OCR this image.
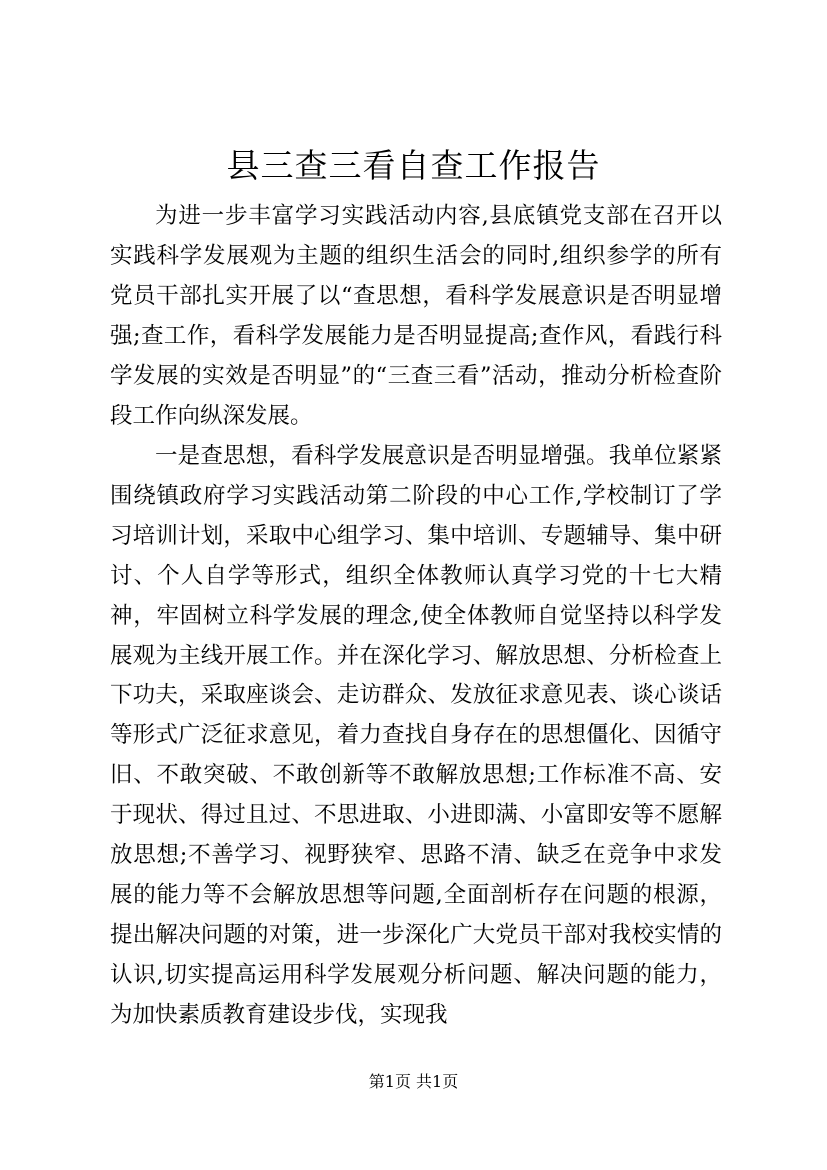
县三查三看自查工作报告

为进一步丰富学习实践活动内容,县底镇党支部在召开以实践科学发展观为主题的组织生活会的同时,组织参学的所有党员干部扎实开展了以“查思想，看科学发展意识是否明显增强;查工作，看科学发展能力是否明显提高;查作风，看践行科学发展的实效是否明显”的“三查三看”活动，推动分析检查阶段工作向纵深发展。

一是查思想，看科学发展意识是否明显增强。我单位紧紧围绕镇政府学习实践活动第二阶段的中心工作,学校制订了学习培训计划，采取中心组学习、集中培训、专题辅导、集中研讨、个人自学等形式，组织全体教师认真学习党的十七大精神，牢固树立科学发展的理念,使全体教师自觉坚持以科学发展观为主线开展工作。并在深化学习、解放思想、分析检查上下功夫，采取座谈会、走访群众、发放征求意见表、谈心谈话等形式广泛征求意见，着力查找自身存在的思想僵化、因循守旧、不敢突破、不敢创新等不敢解放思想;工作标准不高、安于现状、得过且过、不思进取、小进即满、小富即安等不愿解放思想;不善学习、视野狭窄、思路不清、缺乏在竞争中求发展的能力等不会解放思想等问题,全面剖析存在问题的根源，提出解决问题的对策，进一步深化广大党员干部对我校实情的认识,切实提高运用科学发展观分析问题、解决问题的能力，为加快素质教育建设步伐，实现我

第1页 共1页
